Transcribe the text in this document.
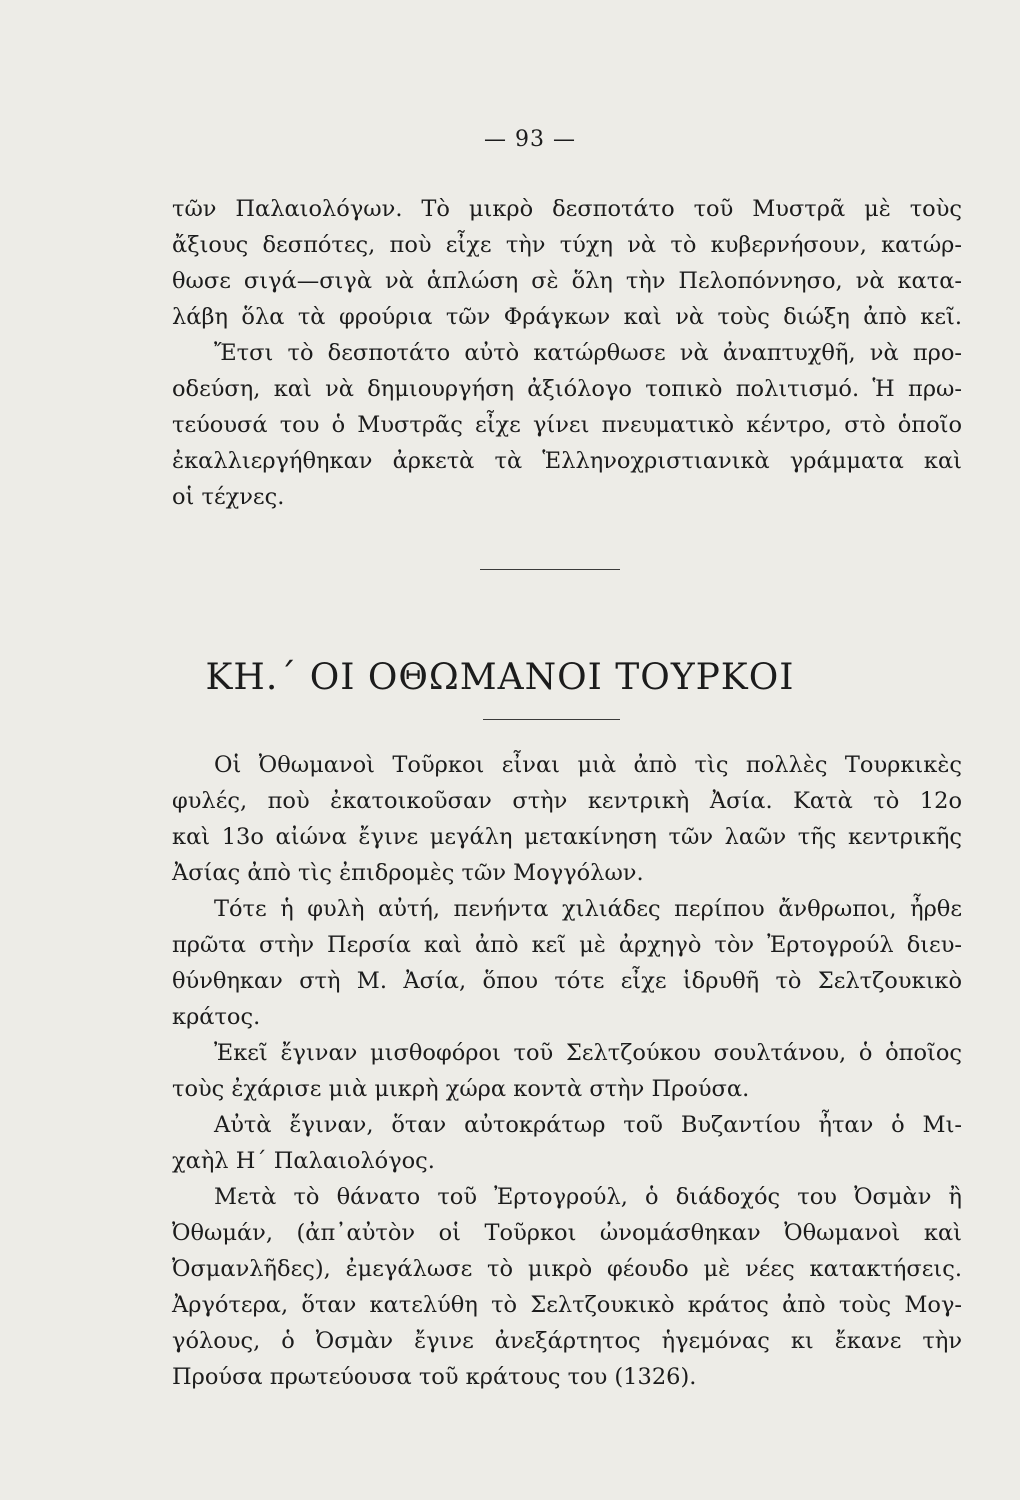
— 93 —
τῶν Παλαιολόγων. Τὸ μικρὸ δεσποτάτο τοῦ Μυστρᾶ μὲ τοὺς
ἄξιους δεσπότες, ποὺ εἶχε τὴν τύχη νὰ τὸ κυβερνήσουν, κατώρ-
θωσε σιγά—σιγὰ νὰ ἁπλώση σὲ ὅλη τὴν Πελοπόννησο, νὰ κατα-
λάβη ὅλα τὰ φρούρια τῶν Φράγκων καὶ νὰ τοὺς διώξη ἀπὸ κεῖ.
Ἔτσι τὸ δεσποτάτο αὐτὸ κατώρθωσε νὰ ἀναπτυχθῆ, νὰ προ-
οδεύση, καὶ νὰ δημιουργήση ἀξιόλογο τοπικὸ πολιτισμό. Ἡ πρω-
τεύουσά του ὁ Μυστρᾶς εἶχε γίνει πνευματικὸ κέντρο, στὸ ὁποῖο
ἐκαλλιεργήθηκαν ἀρκετὰ τὰ Ἑλληνοχριστιανικὰ γράμματα καὶ
οἱ τέχνες.
ΚΗ.΄ ΟΙ ΟΘΩΜΑΝΟΙ ΤΟΥΡΚΟΙ
Οἱ Ὀθωμανοὶ Τοῦρκοι εἶναι μιὰ ἀπὸ τὶς πολλὲς Τουρκικὲς
φυλές, ποὺ ἐκατοικοῦσαν στὴν κεντρικὴ Ἀσία. Κατὰ τὸ 12ο
καὶ 13ο αἰώνα ἔγινε μεγάλη μετακίνηση τῶν λαῶν τῆς κεντρικῆς
Ἀσίας ἀπὸ τὶς ἐπιδρομὲς τῶν Μογγόλων.
Τότε ἡ φυλὴ αὐτή, πενήντα χιλιάδες περίπου ἄνθρωποι, ἦρθε
πρῶτα στὴν Περσία καὶ ἀπὸ κεῖ μὲ ἀρχηγὸ τὸν Ἐρτογρούλ διευ-
θύνθηκαν στὴ Μ. Ἀσία, ὅπου τότε εἶχε ἱδρυθῆ τὸ Σελτζουκικὸ
κράτος.
Ἐκεῖ ἔγιναν μισθοφόροι τοῦ Σελτζούκου σουλτάνου, ὁ ὁποῖος
τοὺς ἐχάρισε μιὰ μικρὴ χώρα κοντὰ στὴν Προύσα.
Αὐτὰ ἔγιναν, ὅταν αὐτοκράτωρ τοῦ Βυζαντίου ἦταν ὁ Μι-
χαὴλ Η΄ Παλαιολόγος.
Μετὰ τὸ θάνατο τοῦ Ἐρτογρούλ, ὁ διάδοχός του Ὀσμὰν ἢ
Ὀθωμάν, (ἀπ᾽αὐτὸν οἱ Τοῦρκοι ὠνομάσθηκαν Ὀθωμανοὶ καὶ
Ὀσμανλῆδες), ἐμεγάλωσε τὸ μικρὸ φέουδο μὲ νέες κατακτήσεις.
Ἀργότερα, ὅταν κατελύθη τὸ Σελτζουκικὸ κράτος ἀπὸ τοὺς Μογ-
γόλους, ὁ Ὀσμὰν ἔγινε ἀνεξάρτητος ἡγεμόνας κι ἔκανε τὴν
Προύσα πρωτεύουσα τοῦ κράτους του (1326).
